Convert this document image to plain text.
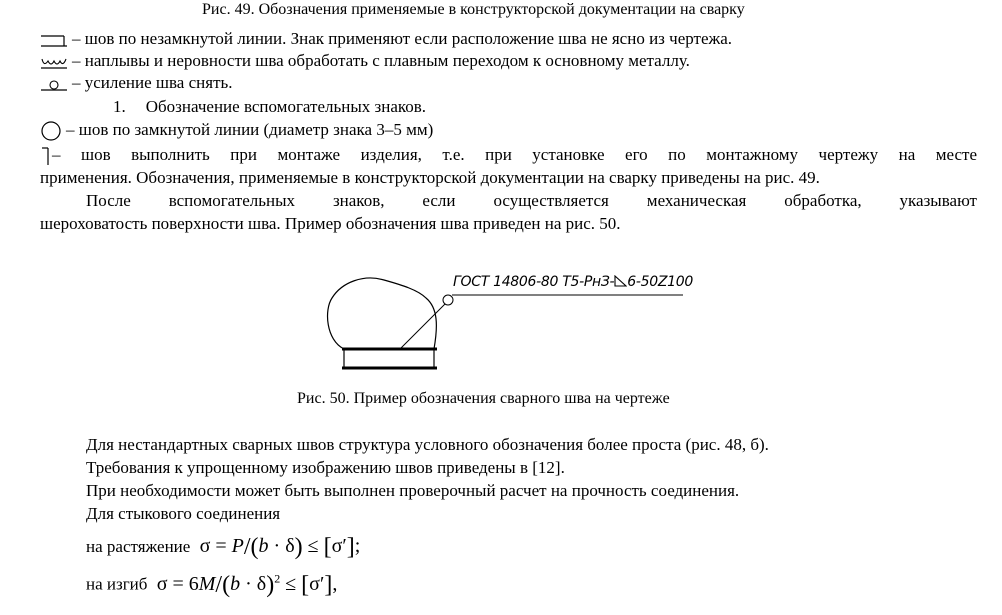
Рис. 49. Обозначения применяемые в конструкторской документации на сварку
– шов по незамкнутой линии. Знак применяют если расположение шва не ясно из чертежа.
– наплывы и неровности шва обработать с плавным переходом к основному металлу.
– усиление шва снять.
1. Обозначение вспомогательных знаков.
– шов по замкнутой линии (диаметр знака 3–5 мм)
– шов выполнить при монтаже изделия, т.е. при установке его по монтажному чертежу на месте
применения. Обозначения, применяемые в конструкторской документации на сварку приведены на рис. 49.
После вспомогательных знаков, если осуществляется механическая обработка, указывают
шероховатость поверхности шва. Пример обозначения шва приведен на рис. 50.
ГОСТ 14806-80 Т5-РнЗ- 6-50Z100
Рис. 50. Пример обозначения сварного шва на чертеже
Для нестандартных сварных швов структура условного обозначения более проста (рис. 48, б).
Требования к упрощенному изображению швов приведены в [12].
При необходимости может быть выполнен проверочный расчет на прочность соединения.
Для стыкового соединения
на растяжение  σ = P/(b · δ) ≤ [σ′];
на изгиб  $\sigma = 6M/(b \cdot \delta)^2 \le [\sigma']$,
